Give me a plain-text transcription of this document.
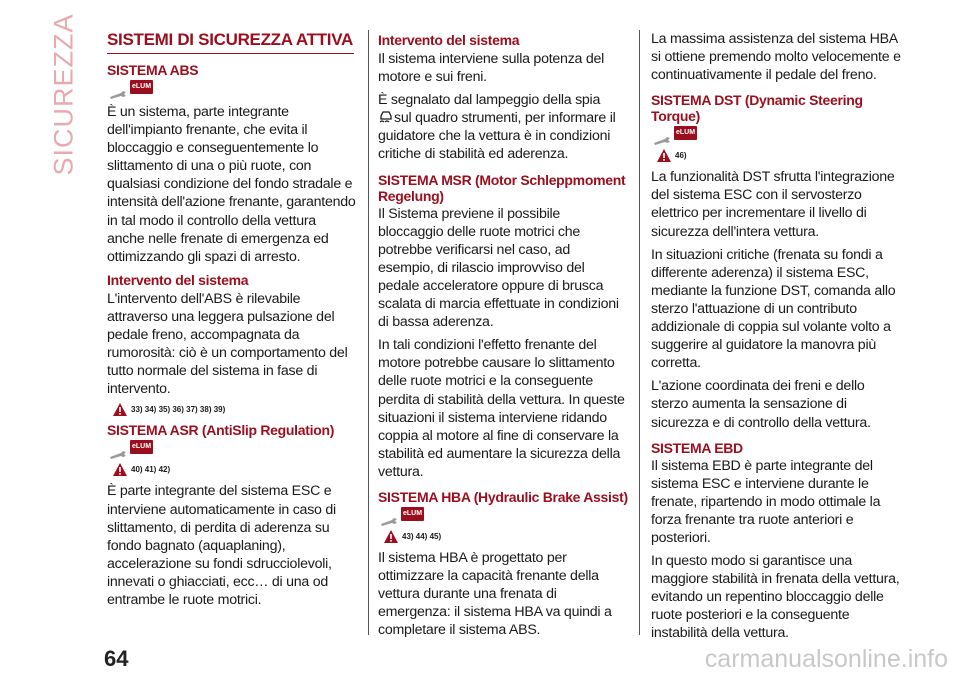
SICUREZZA SISTEMI DI SICUREZZA ATTIVA
SISTEMA ABS
eLUM

È un sistema, parte integrante dell'impianto frenante, che evita il bloccaggio e conseguentemente lo slittamento di una o più ruote, con qualsiasi condizione del fondo stradale e intensità dell'azione frenante, garantendo in tal modo il controllo della vettura anche nelle frenate di emergenza ed ottimizzando gli spazi di arresto.

Intervento del sistema

L'intervento dell'ABS è rilevabile attraverso una leggera pulsazione del pedale freno, accompagnata da rumorosità: ciò è un comportamento del tutto normale del sistema in fase di intervento.

33) 34) 35) 36) 37) 38) 39)
SISTEMA ASR (AntiSlip Regulation)
eLUM
40) 41) 42)

È parte integrante del sistema ESC e interviene automaticamente in caso di slittamento, di perdita di aderenza su fondo bagnato (aquaplaning), accelerazione su fondi sdrucciolevoli, innevati o ghiacciati, ecc… di una od entrambe le ruote motrici.

Intervento del sistema

Il sistema interviene sulla potenza del motore e sui freni.

È segnalato dal lampeggio della spia
sul quadro strumenti, per informare il guidatore che la vettura è in condizioni critiche di stabilità ed aderenza.

SISTEMA MSR (Motor Schleppmoment Regelung)

Il Sistema previene il possibile bloccaggio delle ruote motrici che potrebbe verificarsi nel caso, ad esempio, di rilascio improvviso del pedale acceleratore oppure di brusca scalata di marcia effettuate in condizioni di bassa aderenza.

In tali condizioni l'effetto frenante del motore potrebbe causare lo slittamento delle ruote motrici e la conseguente perdita di stabilità della vettura. In queste situazioni il sistema interviene ridando coppia al motore al fine di conservare la stabilità ed aumentare la sicurezza della vettura.

SISTEMA HBA (Hydraulic Brake Assist)
eLUM
43) 44) 45)

Il sistema HBA è progettato per ottimizzare la capacità frenante della vettura durante una frenata di emergenza: il sistema HBA va quindi a completare il sistema ABS.

La massima assistenza del sistema HBA si ottiene premendo molto velocemente e continuativamente il pedale del freno.

SISTEMA DST (Dynamic Steering Torque)
eLUM
46)

La funzionalità DST sfrutta l'integrazione del sistema ESC con il servosterzo elettrico per incrementare il livello di sicurezza dell'intera vettura.

In situazioni critiche (frenata su fondi a differente aderenza) il sistema ESC, mediante la funzione DST, comanda allo sterzo l'attuazione di un contributo addizionale di coppia sul volante volto a suggerire al guidatore la manovra più corretta.

L'azione coordinata dei freni e dello sterzo aumenta la sensazione di sicurezza e di controllo della vettura.

SISTEMA EBD

Il sistema EBD è parte integrante del sistema ESC e interviene durante le frenate, ripartendo in modo ottimale la forza frenante tra ruote anteriori e posteriori.

In questo modo si garantisce una maggiore stabilità in frenata della vettura, evitando un repentino bloccaggio delle ruote posteriori e la conseguente instabilità della vettura.

64	carmanualsonline.info
